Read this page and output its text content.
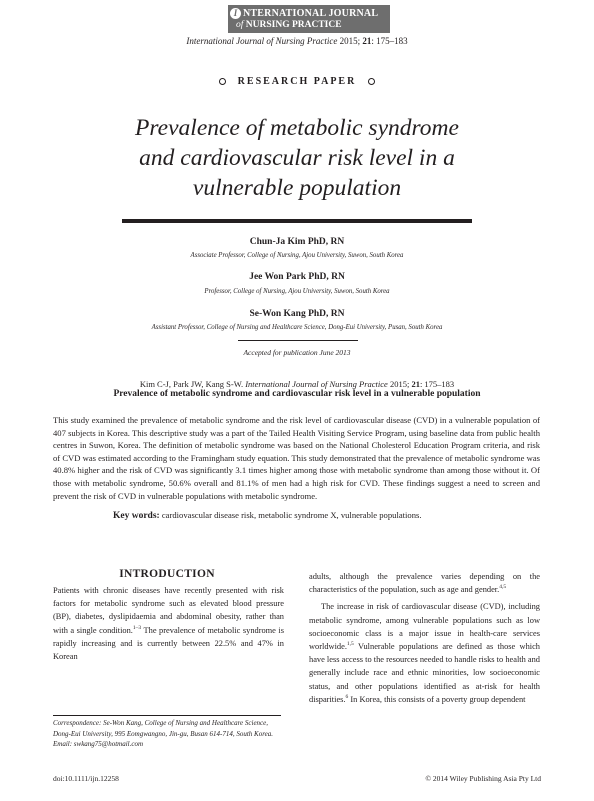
I NTERNATIONAL JOURNAL
of NURSING PRACTICE
International Journal of Nursing Practice 2015; 21: 175–183
RESEARCH PAPER
Prevalence of metabolic syndrome
and cardiovascular risk level in a
vulnerable population
Chun-Ja Kim PhD, RN
Associate Professor, College of Nursing, Ajou University, Suwon, South Korea
Jee Won Park PhD, RN
Professor, College of Nursing, Ajou University, Suwon, South Korea
Se-Won Kang PhD, RN
Assistant Professor, College of Nursing and Healthcare Science, Dong-Eui University, Pusan, South Korea
Accepted for publication June 2013
Kim C-J, Park JW, Kang S-W. International Journal of Nursing Practice 2015; 21: 175–183
Prevalence of metabolic syndrome and cardiovascular risk level in a vulnerable population
This study examined the prevalence of metabolic syndrome and the risk level of cardiovascular disease (CVD) in a vulnerable population of 407 subjects in Korea. This descriptive study was a part of the Tailed Health Visiting Service Program, using baseline data from public health centres in Suwon, Korea. The definition of metabolic syndrome was based on the National Cholesterol Education Program criteria, and risk of CVD was estimated according to the Framingham study equation. This study demonstrated that the prevalence of metabolic syndrome was 40.8% higher and the risk of CVD was significantly 3.1 times higher among those with metabolic syndrome than among those without it. Of those with metabolic syndrome, 50.6% overall and 81.1% of men had a high risk for CVD. These findings suggest a need to screen and prevent the risk of CVD in vulnerable populations with metabolic syndrome.
Key words: cardiovascular disease risk, metabolic syndrome X, vulnerable populations.
INTRODUCTION

Patients with chronic diseases have recently presented with risk factors for metabolic syndrome such as elevated blood pressure (BP), diabetes, dyslipidaemia and abdominal obesity, rather than with a single condition.$^{1-3}$ The prevalence of metabolic syndrome is rapidly increasing and is currently between 22.5% and 47% in Korean

adults, although the prevalence varies depending on the characteristics of the population, such as age and gender.$^{4,5}$

The increase in risk of cardiovascular disease (CVD), including metabolic syndrome, among vulnerable populations such as low socioeconomic class is a major issue in health-care services worldwide.$^{1,5}$ Vulnerable populations are defined as those which have less access to the resources needed to handle risks to health and generally include race and ethnic minorities, low socioeconomic status, and other populations identified as at-risk for health disparities.$^6$ In Korea, this consists of a poverty group dependent

Correspondence: Se-Won Kang, College of Nursing and Healthcare Science, Dong-Eui University, 995 Eomgwangno, Jin-gu, Busan 614-714, South Korea. Email: swkang75@hotmail.com
doi:10.1111/ijn.12258	© 2014 Wiley Publishing Asia Pty Ltd
